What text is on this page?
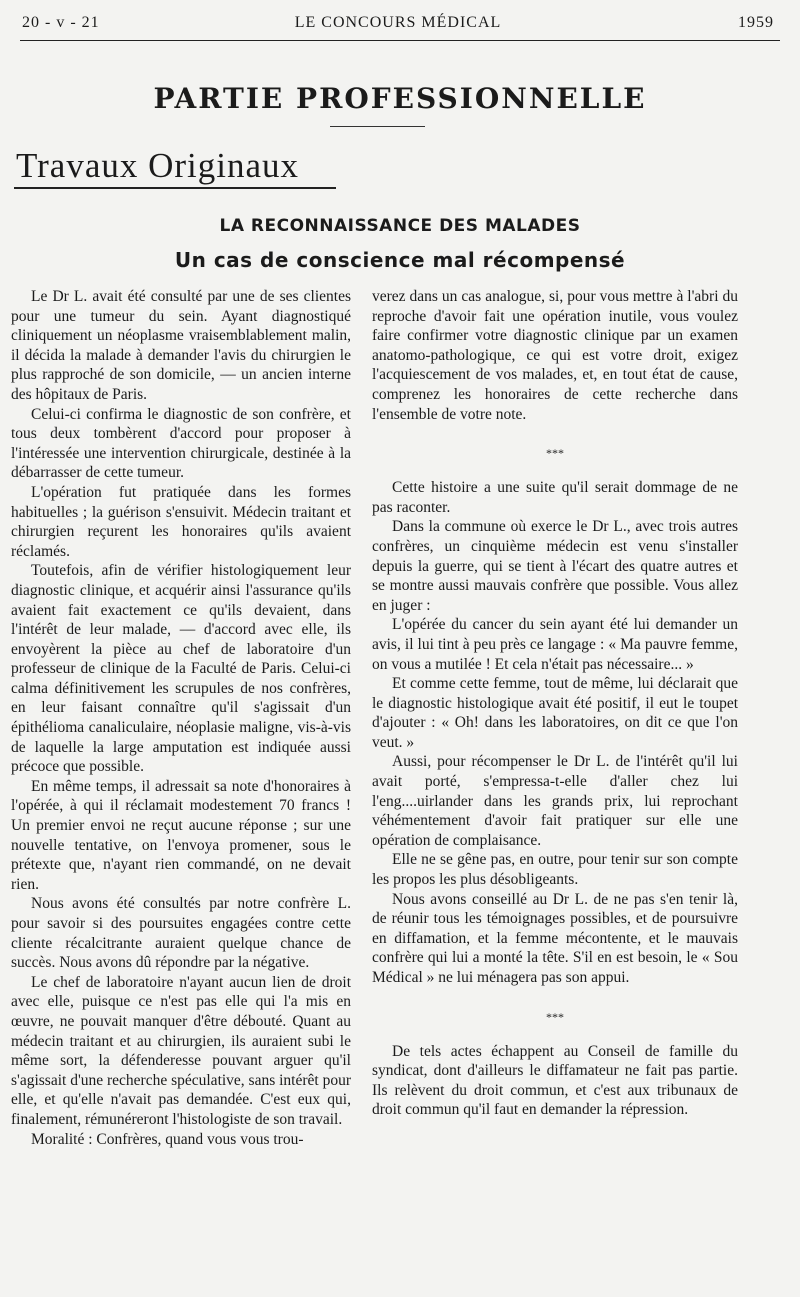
20 - v - 21	LE CONCOURS MÉDICAL	1959
PARTIE PROFESSIONNELLE
Travaux Originaux
LA RECONNAISSANCE DES MALADES
Un cas de conscience mal récompensé

Le Dr L. avait été consulté par une de ses clientes pour une tumeur du sein. Ayant diagnostiqué cliniquement un néoplasme vraisemblablement malin, il décida la malade à demander l'avis du chirurgien le plus rapproché de son domicile, — un ancien interne des hôpitaux de Paris.

Celui-ci confirma le diagnostic de son confrère, et tous deux tombèrent d'accord pour proposer à l'intéressée une intervention chirurgicale, destinée à la débarrasser de cette tumeur.

L'opération fut pratiquée dans les formes habituelles ; la guérison s'ensuivit. Médecin traitant et chirurgien reçurent les honoraires qu'ils avaient réclamés.

Toutefois, afin de vérifier histologiquement leur diagnostic clinique, et acquérir ainsi l'assurance qu'ils avaient fait exactement ce qu'ils devaient, dans l'intérêt de leur malade, — d'accord avec elle, ils envoyèrent la pièce au chef de laboratoire d'un professeur de clinique de la Faculté de Paris. Celui-ci calma définitivement les scrupules de nos confrères, en leur faisant connaître qu'il s'agissait d'un épithélioma canaliculaire, néoplasie maligne, vis-à-vis de laquelle la large amputation est indiquée aussi précoce que possible.

En même temps, il adressait sa note d'honoraires à l'opérée, à qui il réclamait modestement 70 francs ! Un premier envoi ne reçut aucune réponse ; sur une nouvelle tentative, on l'envoya promener, sous le prétexte que, n'ayant rien commandé, on ne devait rien.

Nous avons été consultés par notre confrère L. pour savoir si des poursuites engagées contre cette cliente récalcitrante auraient quelque chance de succès. Nous avons dû répondre par la négative.

Le chef de laboratoire n'ayant aucun lien de droit avec elle, puisque ce n'est pas elle qui l'a mis en œuvre, ne pouvait manquer d'être débouté. Quant au médecin traitant et au chirurgien, ils auraient subi le même sort, la défenderesse pouvant arguer qu'il s'agissait d'une recherche spéculative, sans intérêt pour elle, et qu'elle n'avait pas demandée. C'est eux qui, finalement, rémunéreront l'histologiste de son travail.

Moralité : Confrères, quand vous vous trou-

verez dans un cas analogue, si, pour vous mettre à l'abri du reproche d'avoir fait une opération inutile, vous voulez faire confirmer votre diagnostic clinique par un examen anatomo-pathologique, ce qui est votre droit, exigez l'acquiescement de vos malades, et, en tout état de cause, comprenez les honoraires de cette recherche dans l'ensemble de votre note.

***

Cette histoire a une suite qu'il serait dommage de ne pas raconter.

Dans la commune où exerce le Dr L., avec trois autres confrères, un cinquième médecin est venu s'installer depuis la guerre, qui se tient à l'écart des quatre autres et se montre aussi mauvais confrère que possible. Vous allez en juger :

L'opérée du cancer du sein ayant été lui demander un avis, il lui tint à peu près ce langage : « Ma pauvre femme, on vous a mutilée ! Et cela n'était pas nécessaire... »

Et comme cette femme, tout de même, lui déclarait que le diagnostic histologique avait été positif, il eut le toupet d'ajouter : « Oh! dans les laboratoires, on dit ce que l'on veut. »

Aussi, pour récompenser le Dr L. de l'intérêt qu'il lui avait porté, s'empressa-t-elle d'aller chez lui l'eng....uirlander dans les grands prix, lui reprochant véhémentement d'avoir fait pratiquer sur elle une opération de complaisance.

Elle ne se gêne pas, en outre, pour tenir sur son compte les propos les plus désobligeants.

Nous avons conseillé au Dr L. de ne pas s'en tenir là, de réunir tous les témoignages possibles, et de poursuivre en diffamation, et la femme mécontente, et le mauvais confrère qui lui a monté la tête. S'il en est besoin, le « Sou Médical » ne lui ménagera pas son appui.

***

De tels actes échappent au Conseil de famille du syndicat, dont d'ailleurs le diffamateur ne fait pas partie. Ils relèvent du droit commun, et c'est aux tribunaux de droit commun qu'il faut en demander la répression.
